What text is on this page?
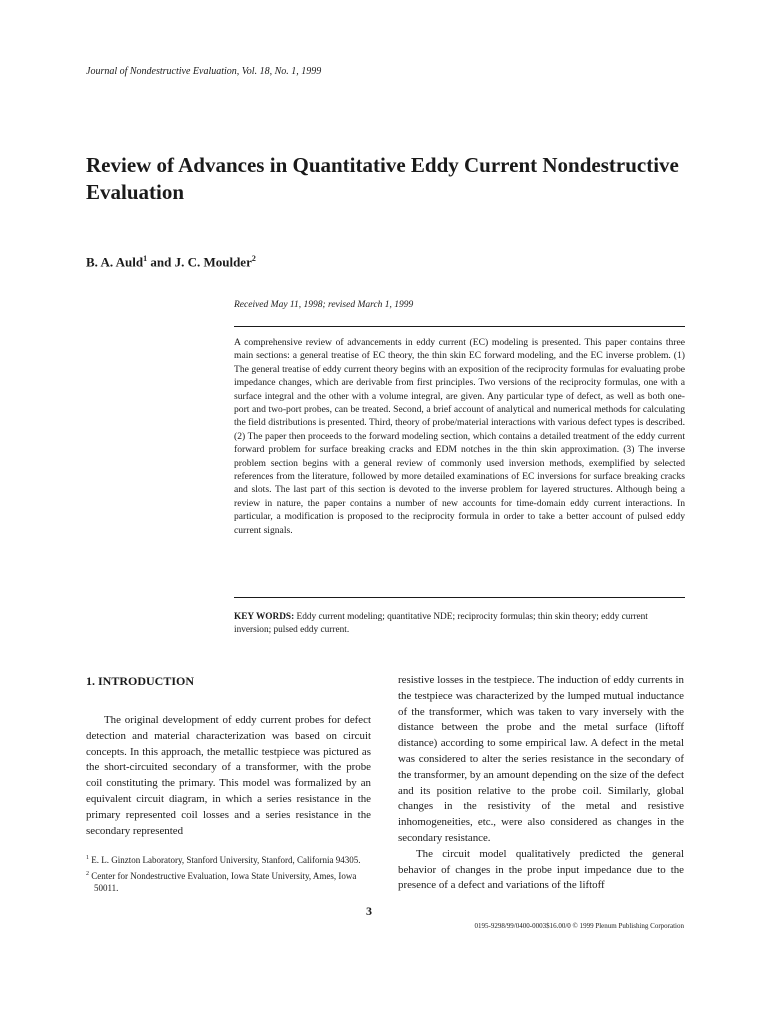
Journal of Nondestructive Evaluation, Vol. 18, No. 1, 1999
Review of Advances in Quantitative Eddy Current Nondestructive Evaluation
B. A. Auld$^1$ and J. C. Moulder$^2$
Received May 11, 1998; revised March 1, 1999

A comprehensive review of advancements in eddy current (EC) modeling is presented. This paper contains three main sections: a general treatise of EC theory, the thin skin EC forward modeling, and the EC inverse problem. (1) The general treatise of eddy current theory begins with an exposition of the reciprocity formulas for evaluating probe impedance changes, which are derivable from first principles. Two versions of the reciprocity formulas, one with a surface integral and the other with a volume integral, are given. Any particular type of defect, as well as both one-port and two-port probes, can be treated. Second, a brief account of analytical and numerical methods for calculating the field distributions is presented. Third, theory of probe/material interactions with various defect types is described. (2) The paper then proceeds to the forward modeling section, which contains a detailed treatment of the eddy current forward problem for surface breaking cracks and EDM notches in the thin skin approximation. (3) The inverse problem section begins with a general review of commonly used inversion methods, exemplified by selected references from the literature, followed by more detailed examinations of EC inversions for surface breaking cracks and slots. The last part of this section is devoted to the inverse problem for layered structures. Although being a review in nature, the paper contains a number of new accounts for time-domain eddy current interactions. In particular, a modification is proposed to the reciprocity formula in order to take a better account of pulsed eddy current signals.

KEY WORDS: Eddy current modeling; quantitative NDE; reciprocity formulas; thin skin theory; eddy current inversion; pulsed eddy current.

1. INTRODUCTION

The original development of eddy current probes for defect detection and material characterization was based on circuit concepts. In this approach, the metallic testpiece was pictured as the short-circuited secondary of a transformer, with the probe coil constituting the primary. This model was formalized by an equivalent circuit diagram, in which a series resistance in the primary represented coil losses and a series resistance in the secondary represented

resistive losses in the testpiece. The induction of eddy currents in the testpiece was characterized by the lumped mutual inductance of the transformer, which was taken to vary inversely with the distance between the probe and the metal surface (liftoff distance) according to some empirical law. A defect in the metal was considered to alter the series resistance in the secondary of the transformer, by an amount depending on the size of the defect and its position relative to the probe coil. Similarly, global changes in the resistivity of the metal and resistive inhomogeneities, etc., were also considered as changes in the secondary resistance.

The circuit model qualitatively predicted the general behavior of changes in the probe input impedance due to the presence of a defect and variations of the liftoff

$^1$ E. L. Ginzton Laboratory, Stanford University, Stanford, California 94305.

$^2$ Center for Nondestructive Evaluation, Iowa State University, Ames, Iowa 50011.

3
0195-9298/99/0400-0003$16.00/0 © 1999 Plenum Publishing Corporation
